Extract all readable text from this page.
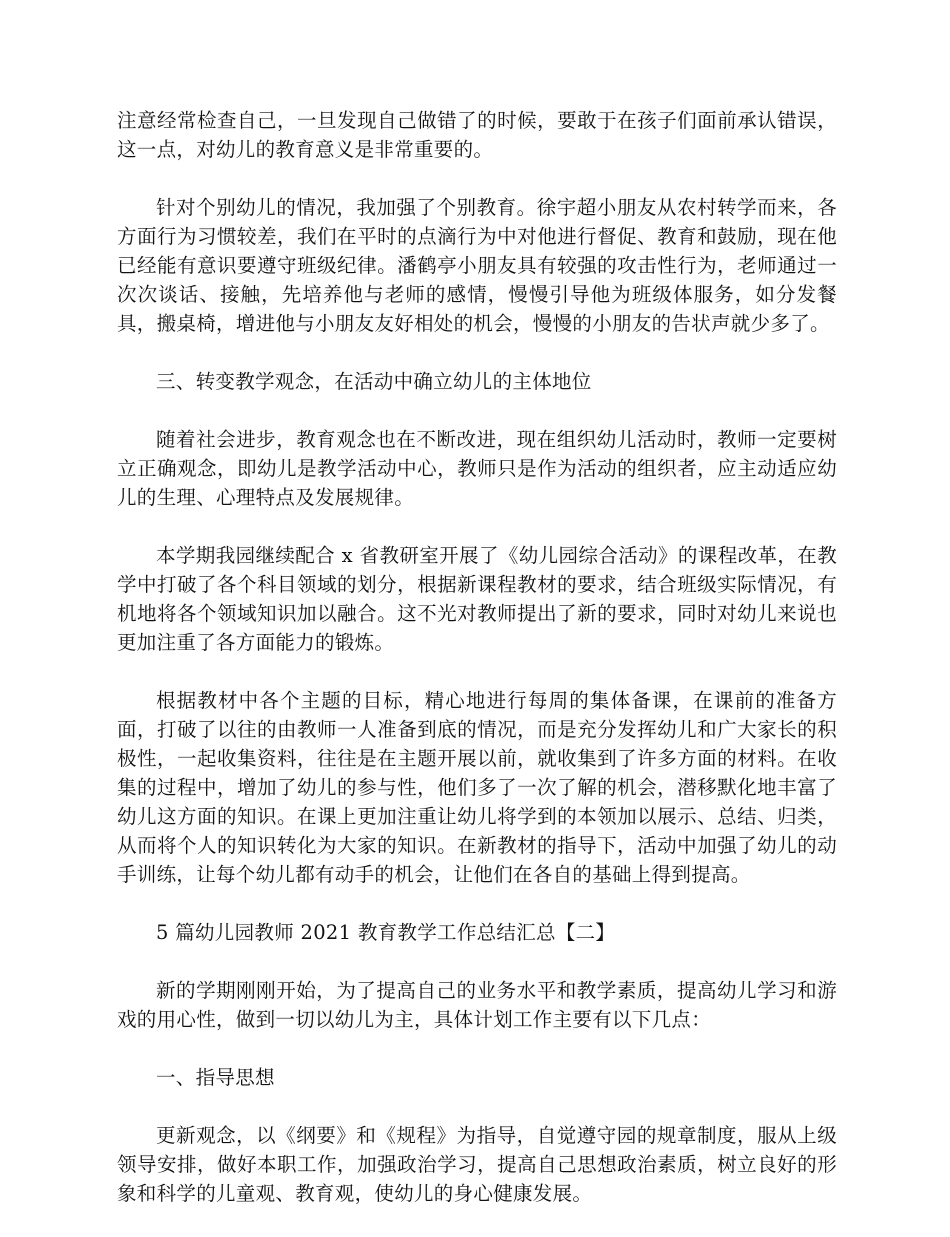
注意经常检查自己，一旦发现自己做错了的时候，要敢于在孩子们面前承认错误，这一点，对幼儿的教育意义是非常重要的。

针对个别幼儿的情况，我加强了个别教育。徐宇超小朋友从农村转学而来，各方面行为习惯较差，我们在平时的点滴行为中对他进行督促、教育和鼓励，现在他已经能有意识要遵守班级纪律。潘鹤亭小朋友具有较强的攻击性行为，老师通过一次次谈话、接触，先培养他与老师的感情，慢慢引导他为班级体服务，如分发餐具，搬桌椅，增进他与小朋友友好相处的机会，慢慢的小朋友的告状声就少多了。

三、转变教学观念，在活动中确立幼儿的主体地位

随着社会进步，教育观念也在不断改进，现在组织幼儿活动时，教师一定要树立正确观念，即幼儿是教学活动中心，教师只是作为活动的组织者，应主动适应幼儿的生理、心理特点及发展规律。

本学期我园继续配合 x 省教研室开展了《幼儿园综合活动》的课程改革，在教学中打破了各个科目领域的划分，根据新课程教材的要求，结合班级实际情况，有机地将各个领域知识加以融合。这不光对教师提出了新的要求，同时对幼儿来说也更加注重了各方面能力的锻炼。

根据教材中各个主题的目标，精心地进行每周的集体备课，在课前的准备方面，打破了以往的由教师一人准备到底的情况，而是充分发挥幼儿和广大家长的积极性，一起收集资料，往往是在主题开展以前，就收集到了许多方面的材料。在收集的过程中，增加了幼儿的参与性，他们多了一次了解的机会，潜移默化地丰富了幼儿这方面的知识。在课上更加注重让幼儿将学到的本领加以展示、总结、归类，从而将个人的知识转化为大家的知识。在新教材的指导下，活动中加强了幼儿的动手训练，让每个幼儿都有动手的机会，让他们在各自的基础上得到提高。

5 篇幼儿园教师 2021 教育教学工作总结汇总【二】

新的学期刚刚开始，为了提高自己的业务水平和教学素质，提高幼儿学习和游戏的用心性，做到一切以幼儿为主，具体计划工作主要有以下几点：

一、指导思想

更新观念，以《纲要》和《规程》为指导，自觉遵守园的规章制度，服从上级领导安排，做好本职工作，加强政治学习，提高自己思想政治素质，树立良好的形象和科学的儿童观、教育观，使幼儿的身心健康发展。
